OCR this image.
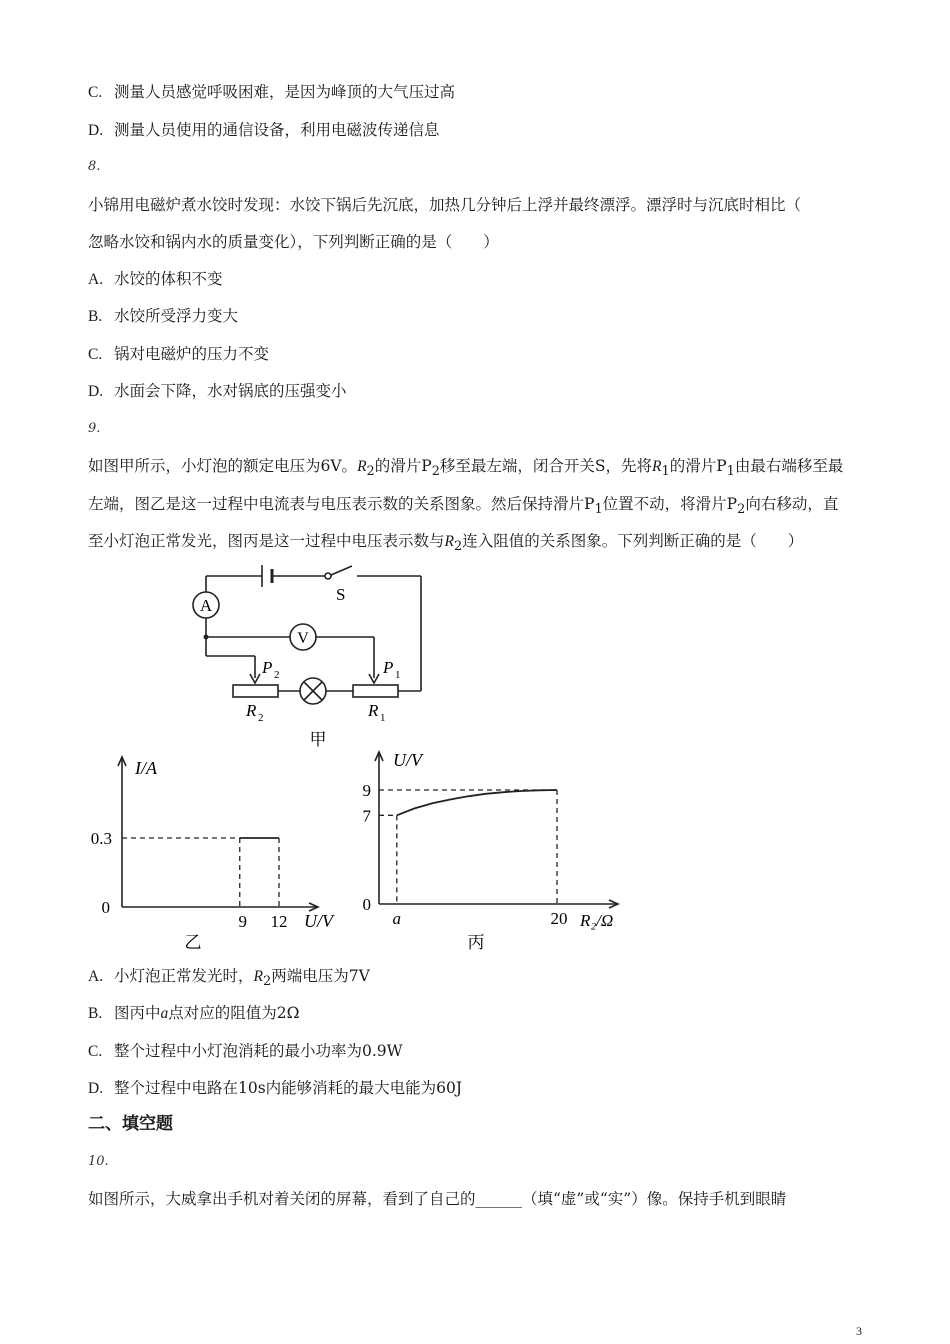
C. 测量人员感觉呼吸困难，是因为峰顶的大气压过高
D. 测量人员使用的通信设备，利用电磁波传递信息
8.
小锦用电磁炉煮水饺时发现：水饺下锅后先沉底，加热几分钟后上浮并最终漂浮。漂浮时与沉底时相比（
忽略水饺和锅内水的质量变化），下列判断正确的是（　　）
A. 水饺的体积不变
B. 水饺所受浮力变大
C. 锅对电磁炉的压力不变
D. 水面会下降，水对锅底的压强变小
9.
如图甲所示，小灯泡的额定电压为6V。$R_2$的滑片$P_2$移至最左端，闭合开关S，先将$R_1$的滑片$P_1$由最右端移至最
左端，图乙是这一过程中电流表与电压表示数的关系图象。然后保持滑片$P_1$位置不动，将滑片$P_2$向右移动，直
至小灯泡正常发光，图丙是这一过程中电压表示数与$R_2$连入阻值的关系图象。下列判断正确的是（　　）
A
V
S
P 2	P 1
R 2	R 1
甲
0.3
0
9 12
I/A
U/V
乙
9
7
0
a	20
U/V
R₂/Ω
丙
A. 小灯泡正常发光时，$R_2$两端电压为7V
B. 图丙中a点对应的阻值为2Ω
C. 整个过程中小灯泡消耗的最小功率为0.9W
D. 整个过程中电路在10s内能够消耗的最大电能为60J
二、填空题
10.
如图所示，大威拿出手机对着关闭的屏幕，看到了自己的______（填“虚”或“实”）像。保持手机到眼睛
3
